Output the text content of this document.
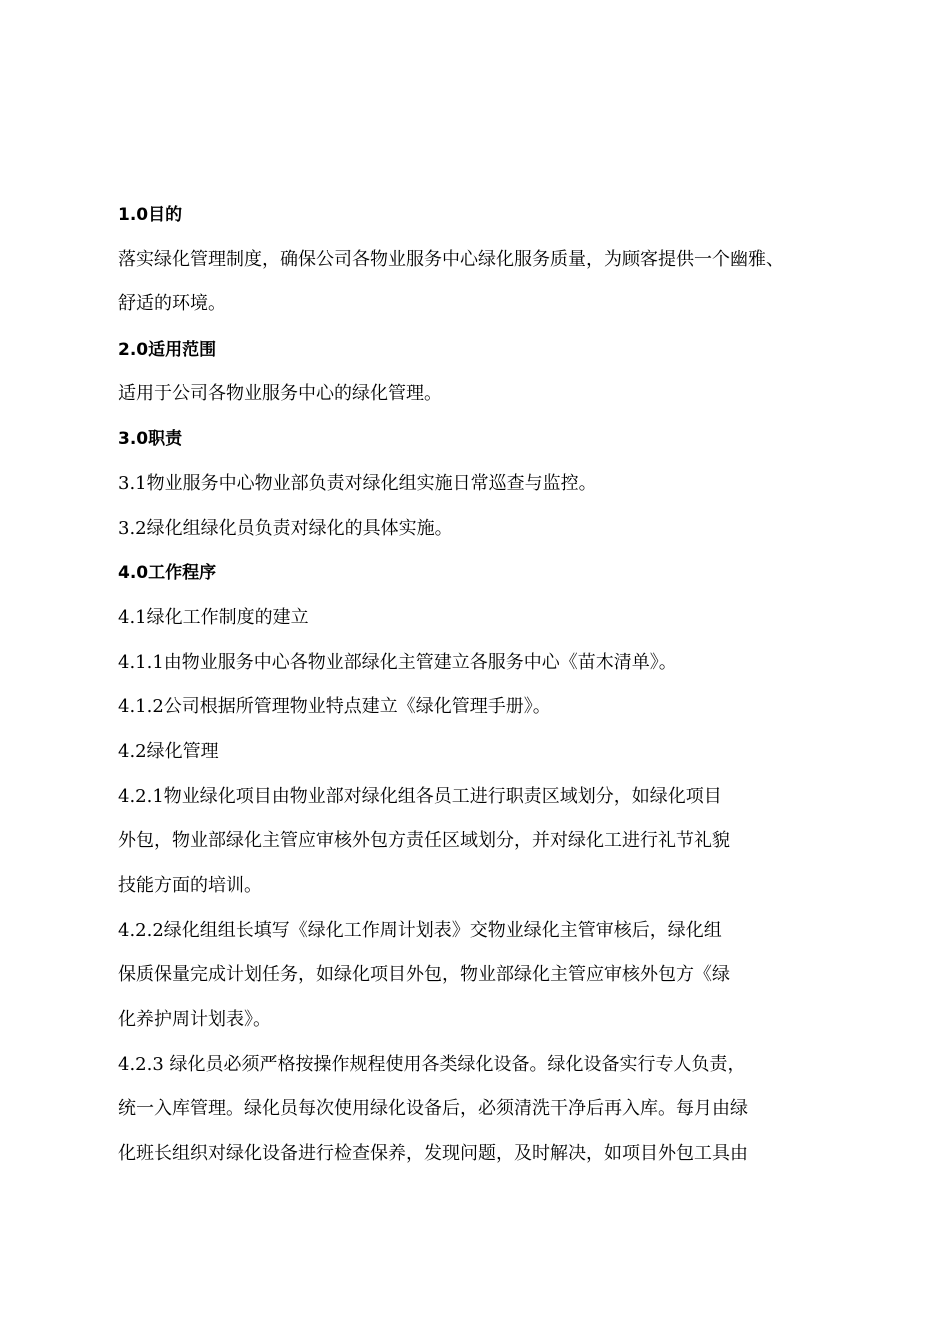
1.0目的
落实绿化管理制度，确保公司各物业服务中心绿化服务质量，为顾客提供一个幽雅、
舒适的环境。
2.0适用范围
适用于公司各物业服务中心的绿化管理。
3.0职责
3.1物业服务中心物业部负责对绿化组实施日常巡查与监控。
3.2绿化组绿化员负责对绿化的具体实施。
4.0工作程序
4.1绿化工作制度的建立
4.1.1由物业服务中心各物业部绿化主管建立各服务中心《苗木清单》。
4.1.2公司根据所管理物业特点建立《绿化管理手册》。
4.2绿化管理
4.2.1物业绿化项目由物业部对绿化组各员工进行职责区域划分，如绿化项目
外包，物业部绿化主管应审核外包方责任区域划分，并对绿化工进行礼节礼貌
技能方面的培训。
4.2.2绿化组组长填写《绿化工作周计划表》交物业绿化主管审核后，绿化组
保质保量完成计划任务，如绿化项目外包，物业部绿化主管应审核外包方《绿
化养护周计划表》。
4.2.3 绿化员必须严格按操作规程使用各类绿化设备。绿化设备实行专人负责，
统一入库管理。绿化员每次使用绿化设备后，必须清洗干净后再入库。每月由绿
化班长组织对绿化设备进行检查保养，发现问题，及时解决，如项目外包工具由
